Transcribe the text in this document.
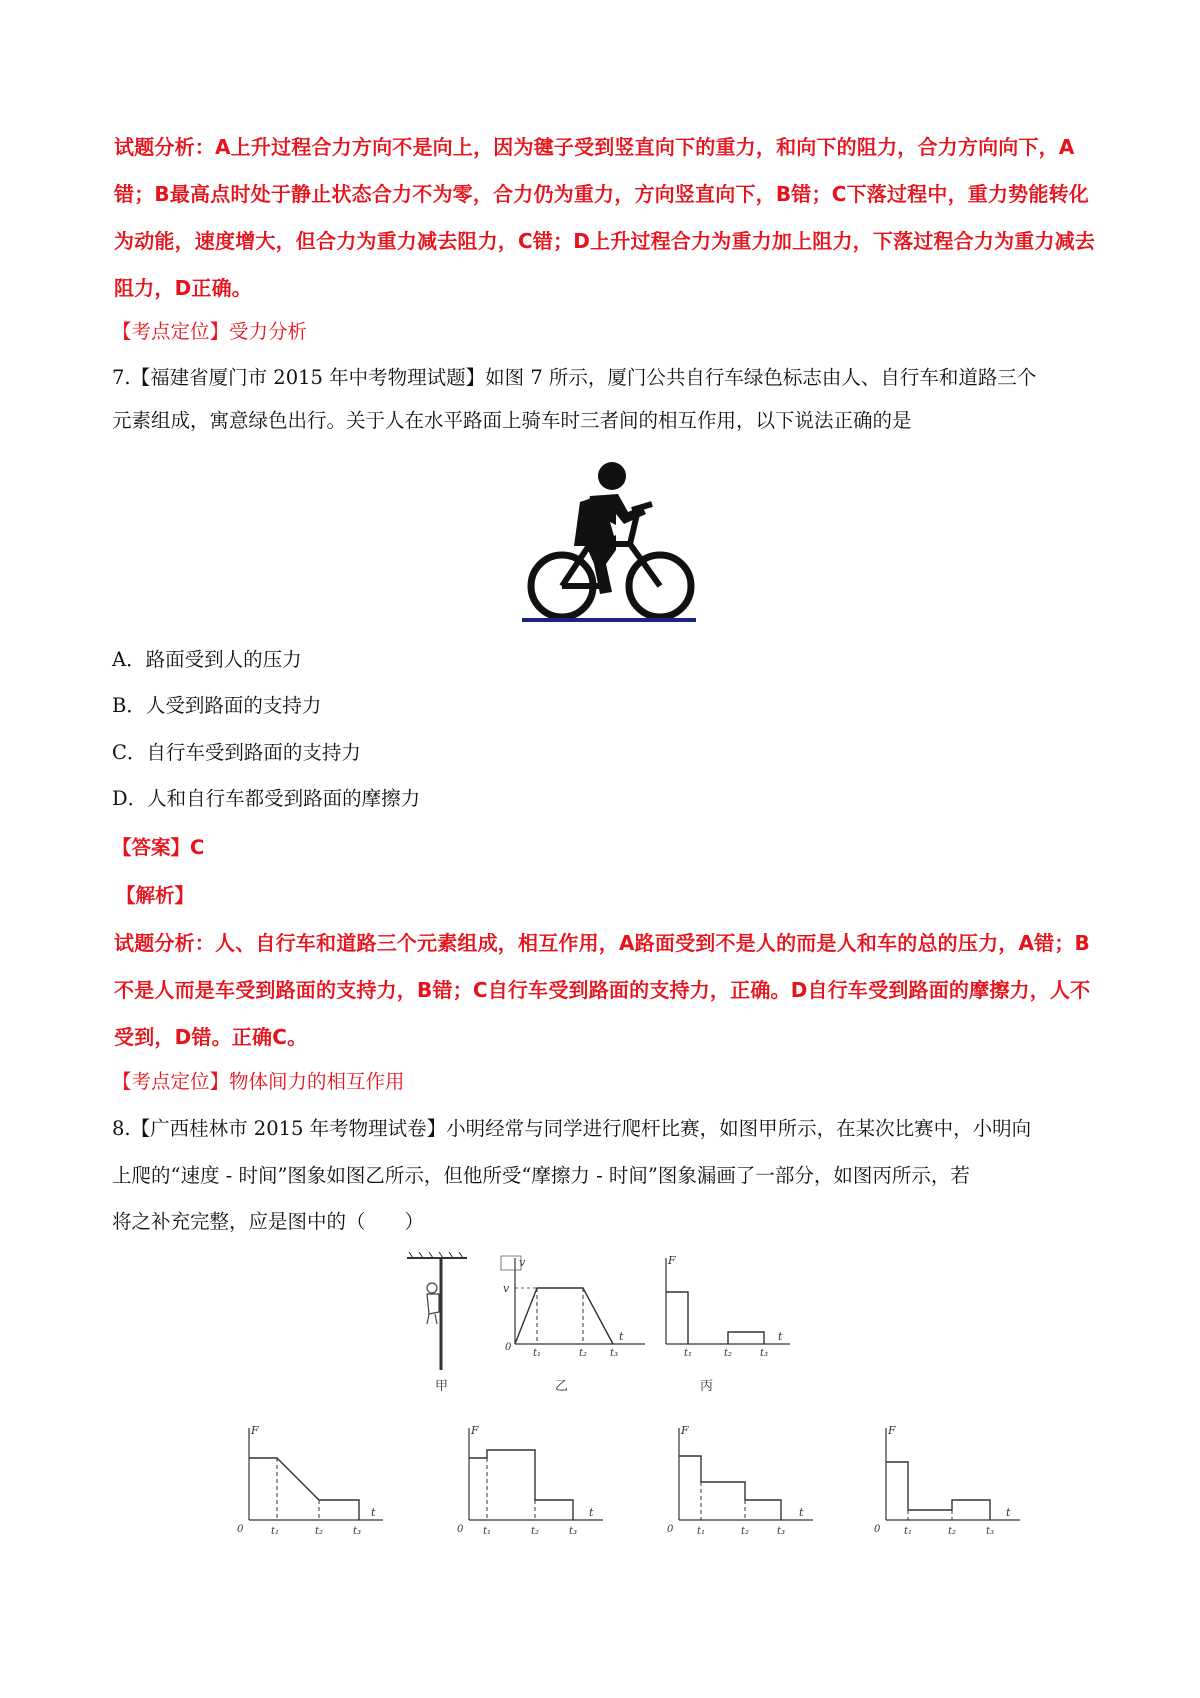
试题分析：A上升过程合力方向不是向上，因为毽子受到竖直向下的重力，和向下的阻力，合力方向向下，A错；B最高点时处于静止状态合力不为零，合力仍为重力，方向竖直向下，B错；C下落过程中，重力势能转化为动能，速度增大，但合力为重力减去阻力，C错；D上升过程合力为重力加上阻力，下落过程合力为重力减去阻力，D正确。
【考点定位】受力分析
7.【福建省厦门市 2015 年中考物理试题】如图 7 所示，厦门公共自行车绿色标志由人、自行车和道路三个
元素组成，寓意绿色出行。关于人在水平路面上骑车时三者间的相互作用，以下说法正确的是
A．路面受到人的压力
B．人受到路面的支持力
C．自行车受到路面的支持力
D．人和自行车都受到路面的摩擦力
【答案】C
【解析】
试题分析：人、自行车和道路三个元素组成，相互作用，A路面受到不是人的而是人和车的总的压力，A错；B不是人而是车受到路面的支持力，B错；C自行车受到路面的支持力，正确。D自行车受到路面的摩擦力，人不受到，D错。正确C。
【考点定位】物体间力的相互作用
8.【广西桂林市 2015 年考物理试卷】小明经常与同学进行爬杆比赛，如图甲所示，在某次比赛中，小明向
上爬的“速度 - 时间”图象如图乙所示，但他所受“摩擦力 - 时间”图象漏画了一部分，如图丙所示，若
将之补充完整，应是图中的（　　）
甲
v
v
0
t₁	t₂ t₃
t
乙
F
t₁	t₂	t₃
t
丙
F
0	t₁	t₂	t₃
t
F
0 t₁	t₂	t₃
t
F
0 t₁	t₂	t₃
t
F
0 t₁	t₂	t₃
t
